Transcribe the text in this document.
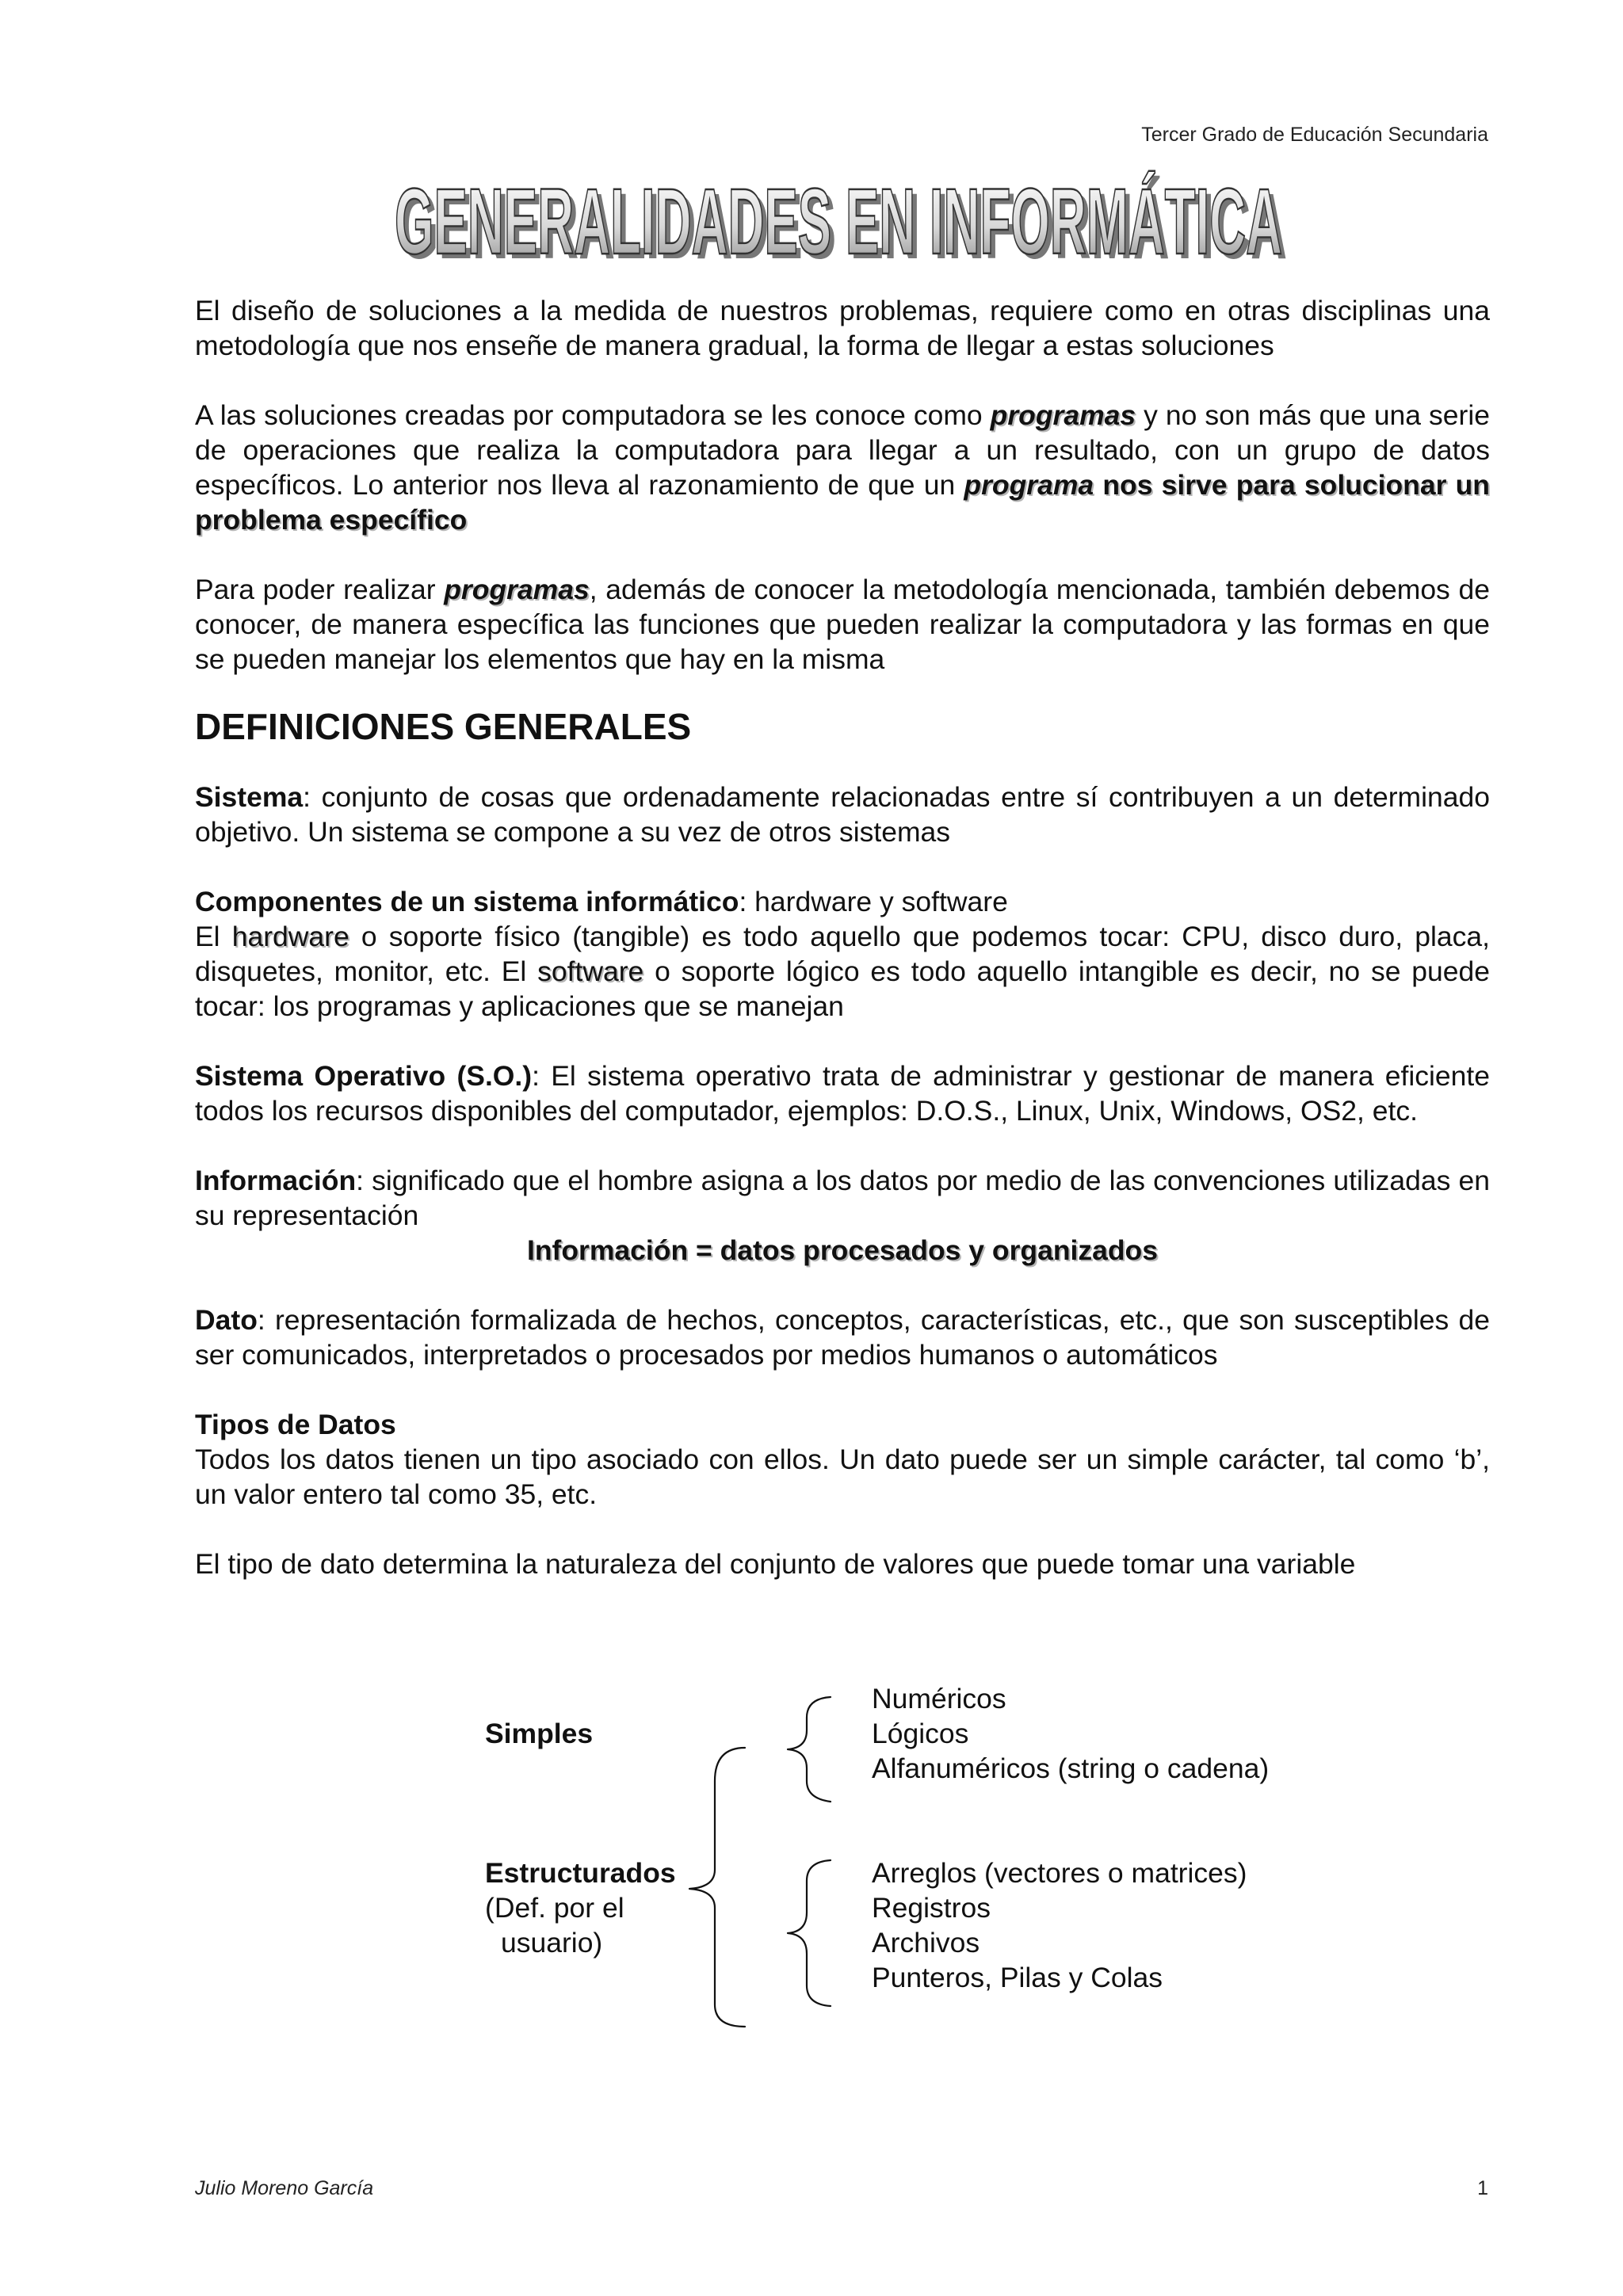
Tercer Grado de Educación Secundaria
GENERALIDADES EN INFORMÁTICA
GENERALIDADES EN INFORMÁTICA

El diseño de soluciones a la medida de nuestros problemas, requiere como en otras disciplinas una metodología que nos enseñe de manera gradual, la forma de llegar a estas soluciones

A las soluciones creadas por computadora se les conoce como programas y no son más que una serie de operaciones que realiza la computadora para llegar a un resultado, con un grupo de datos específicos. Lo anterior nos lleva al razonamiento de que un programa nos sirve para solucionar un problema específico

Para poder realizar programas, además de conocer la metodología mencionada, también debemos de conocer, de manera específica las funciones que pueden realizar la computadora y las formas en que se pueden manejar los elementos que hay en la misma

DEFINICIONES GENERALES

Sistema: conjunto de cosas que ordenadamente relacionadas entre sí contribuyen a un determinado objetivo. Un sistema se compone a su vez de otros sistemas

Componentes de un sistema informático: hardware y software

El hardware o soporte físico (tangible) es todo aquello que podemos tocar: CPU, disco duro, placa, disquetes, monitor, etc. El software o soporte lógico es todo aquello intangible es decir, no se puede tocar: los programas y aplicaciones que se manejan

Sistema Operativo (S.O.): El sistema operativo trata de administrar y gestionar de manera eficiente todos los recursos disponibles del computador, ejemplos: D.O.S., Linux, Unix, Windows, OS2, etc.

Información: significado que el hombre asigna a los datos por medio de las convenciones utilizadas en su representación

Información = datos procesados y organizados

Dato: representación formalizada de hechos, conceptos, características, etc., que son susceptibles de ser comunicados, interpretados o procesados por medios humanos o automáticos

Tipos de Datos

Todos los datos tienen un tipo asociado con ellos. Un dato puede ser un simple carácter, tal como ‘b’, un valor entero tal como 35, etc.

El tipo de dato determina la naturaleza del conjunto de valores que puede tomar una variable

Simples
Numéricos
Lógicos
Alfanuméricos (string o cadena)
Estructurados
(Def. por el
usuario)
Arreglos (vectores o matrices)
Registros
Archivos
Punteros, Pilas y Colas
Julio Moreno García	1
